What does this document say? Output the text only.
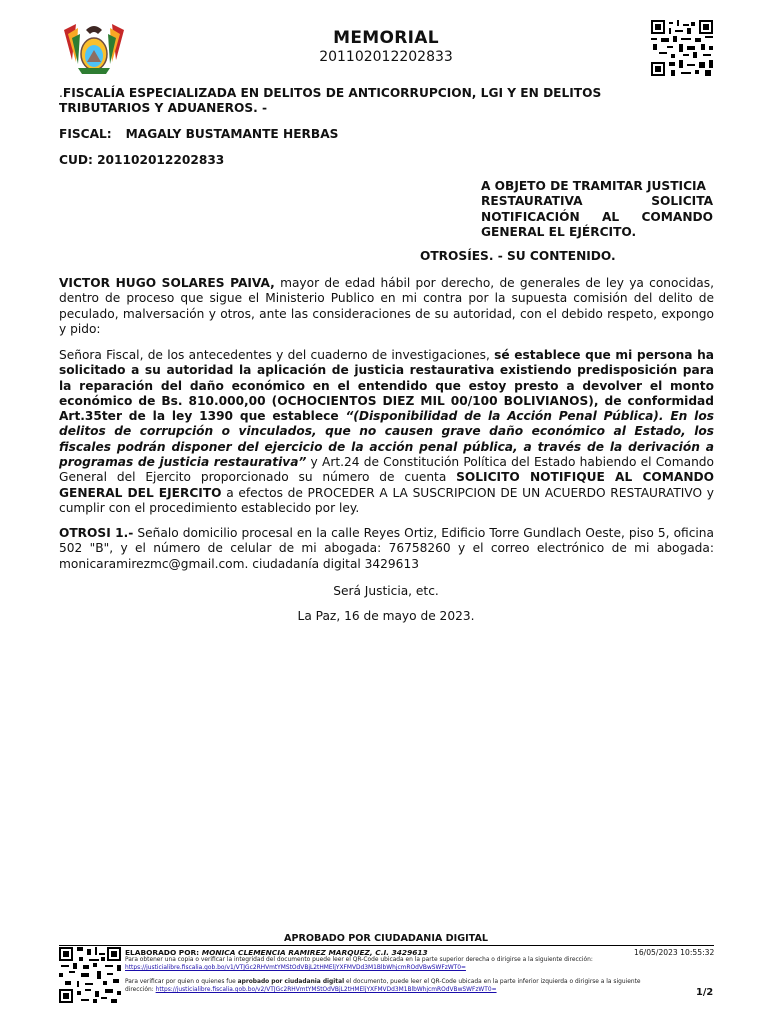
MEMORIAL
201102012202833
.FISCALÍA ESPECIALIZADA EN DELITOS DE ANTICORRUPCION, LGI Y EN DELITOS TRIBUTARIOS Y ADUANEROS. -
FISCAL: MAGALY BUSTAMANTE HERBAS
CUD: 201102012202833
A OBJETO DE TRAMITAR JUSTICIA
RESTAURATIVA	SOLICITA
NOTIFICACIÓN AL COMANDO
GENERAL EL EJÉRCITO.
OTROSÍES. - SU CONTENIDO.
VICTOR HUGO SOLARES PAIVA, mayor de edad hábil por derecho, de generales de ley ya conocidas, dentro de proceso que sigue el Ministerio Publico en mi contra por la supuesta comisión del delito de peculado, malversación y otros, ante las consideraciones de su autoridad, con el debido respeto, expongo y pido:
Señora Fiscal, de los antecedentes y del cuaderno de investigaciones, sé establece que mi persona ha solicitado a su autoridad la aplicación de justicia restaurativa existiendo predisposición para la reparación del daño económico en el entendido que estoy presto a devolver el monto económico de Bs. 810.000,00 (OCHOCIENTOS DIEZ MIL 00/100 BOLIVIANOS), de conformidad Art.35ter de la ley 1390 que establece “(Disponibilidad de la Acción Penal Pública). En los delitos de corrupción o vinculados, que no causen grave daño económico al Estado, los fiscales podrán disponer del ejercicio de la acción penal pública, a través de la derivación a programas de justicia restaurativa” y Art.24 de Constitución Política del Estado habiendo el Comando General del Ejercito proporcionado su número de cuenta SOLICITO NOTIFIQUE AL COMANDO GENERAL DEL EJERCITO a efectos de PROCEDER A LA SUSCRIPCION DE UN ACUERDO RESTAURATIVO y cumplir con el procedimiento establecido por ley.
OTROSI 1.- Señalo domicilio procesal en la calle Reyes Ortiz, Edificio Torre Gundlach Oeste, piso 5, oficina 502 "B", y el número de celular de mi abogada: 76758260 y el correo electrónico de mi abogada: monicaramirezmc@gmail.com. ciudadanía digital 3429613
Será Justicia, etc.
La Paz, 16 de mayo de 2023.
APROBADO POR CIUDADANIA DIGITAL
ELABORADO POR: MONICA CLEMENCIA RAMIREZ MARQUEZ, C.I. 3429613	16/05/2023 10:55:32
Para obtener una copia o verificar la integridad del documento puede leer el QR-Code ubicada en la parte superior derecha o dirigirse a la siguiente dirección:
https://justicialibre.fiscalia.gob.bo/v1/VTJGc2RHVmtYMStOdVBjL2tHMEljYXFMVDd3M1BlbWhjcmROdVBwSWFzWT0=
Para verificar por quien o quienes fue aprobado por ciudadania digital el documento, puede leer el QR-Code ubicada en la parte inferior izquierda o dirigirse a la siguiente dirección: https://justicialibre.fiscalia.gob.bo/v2/VTJGc2RHVmtYMStOdVBjL2tHMEljYXFMVDd3M1BlbWhjcmROdVBwSWFzWT0=	1/2
